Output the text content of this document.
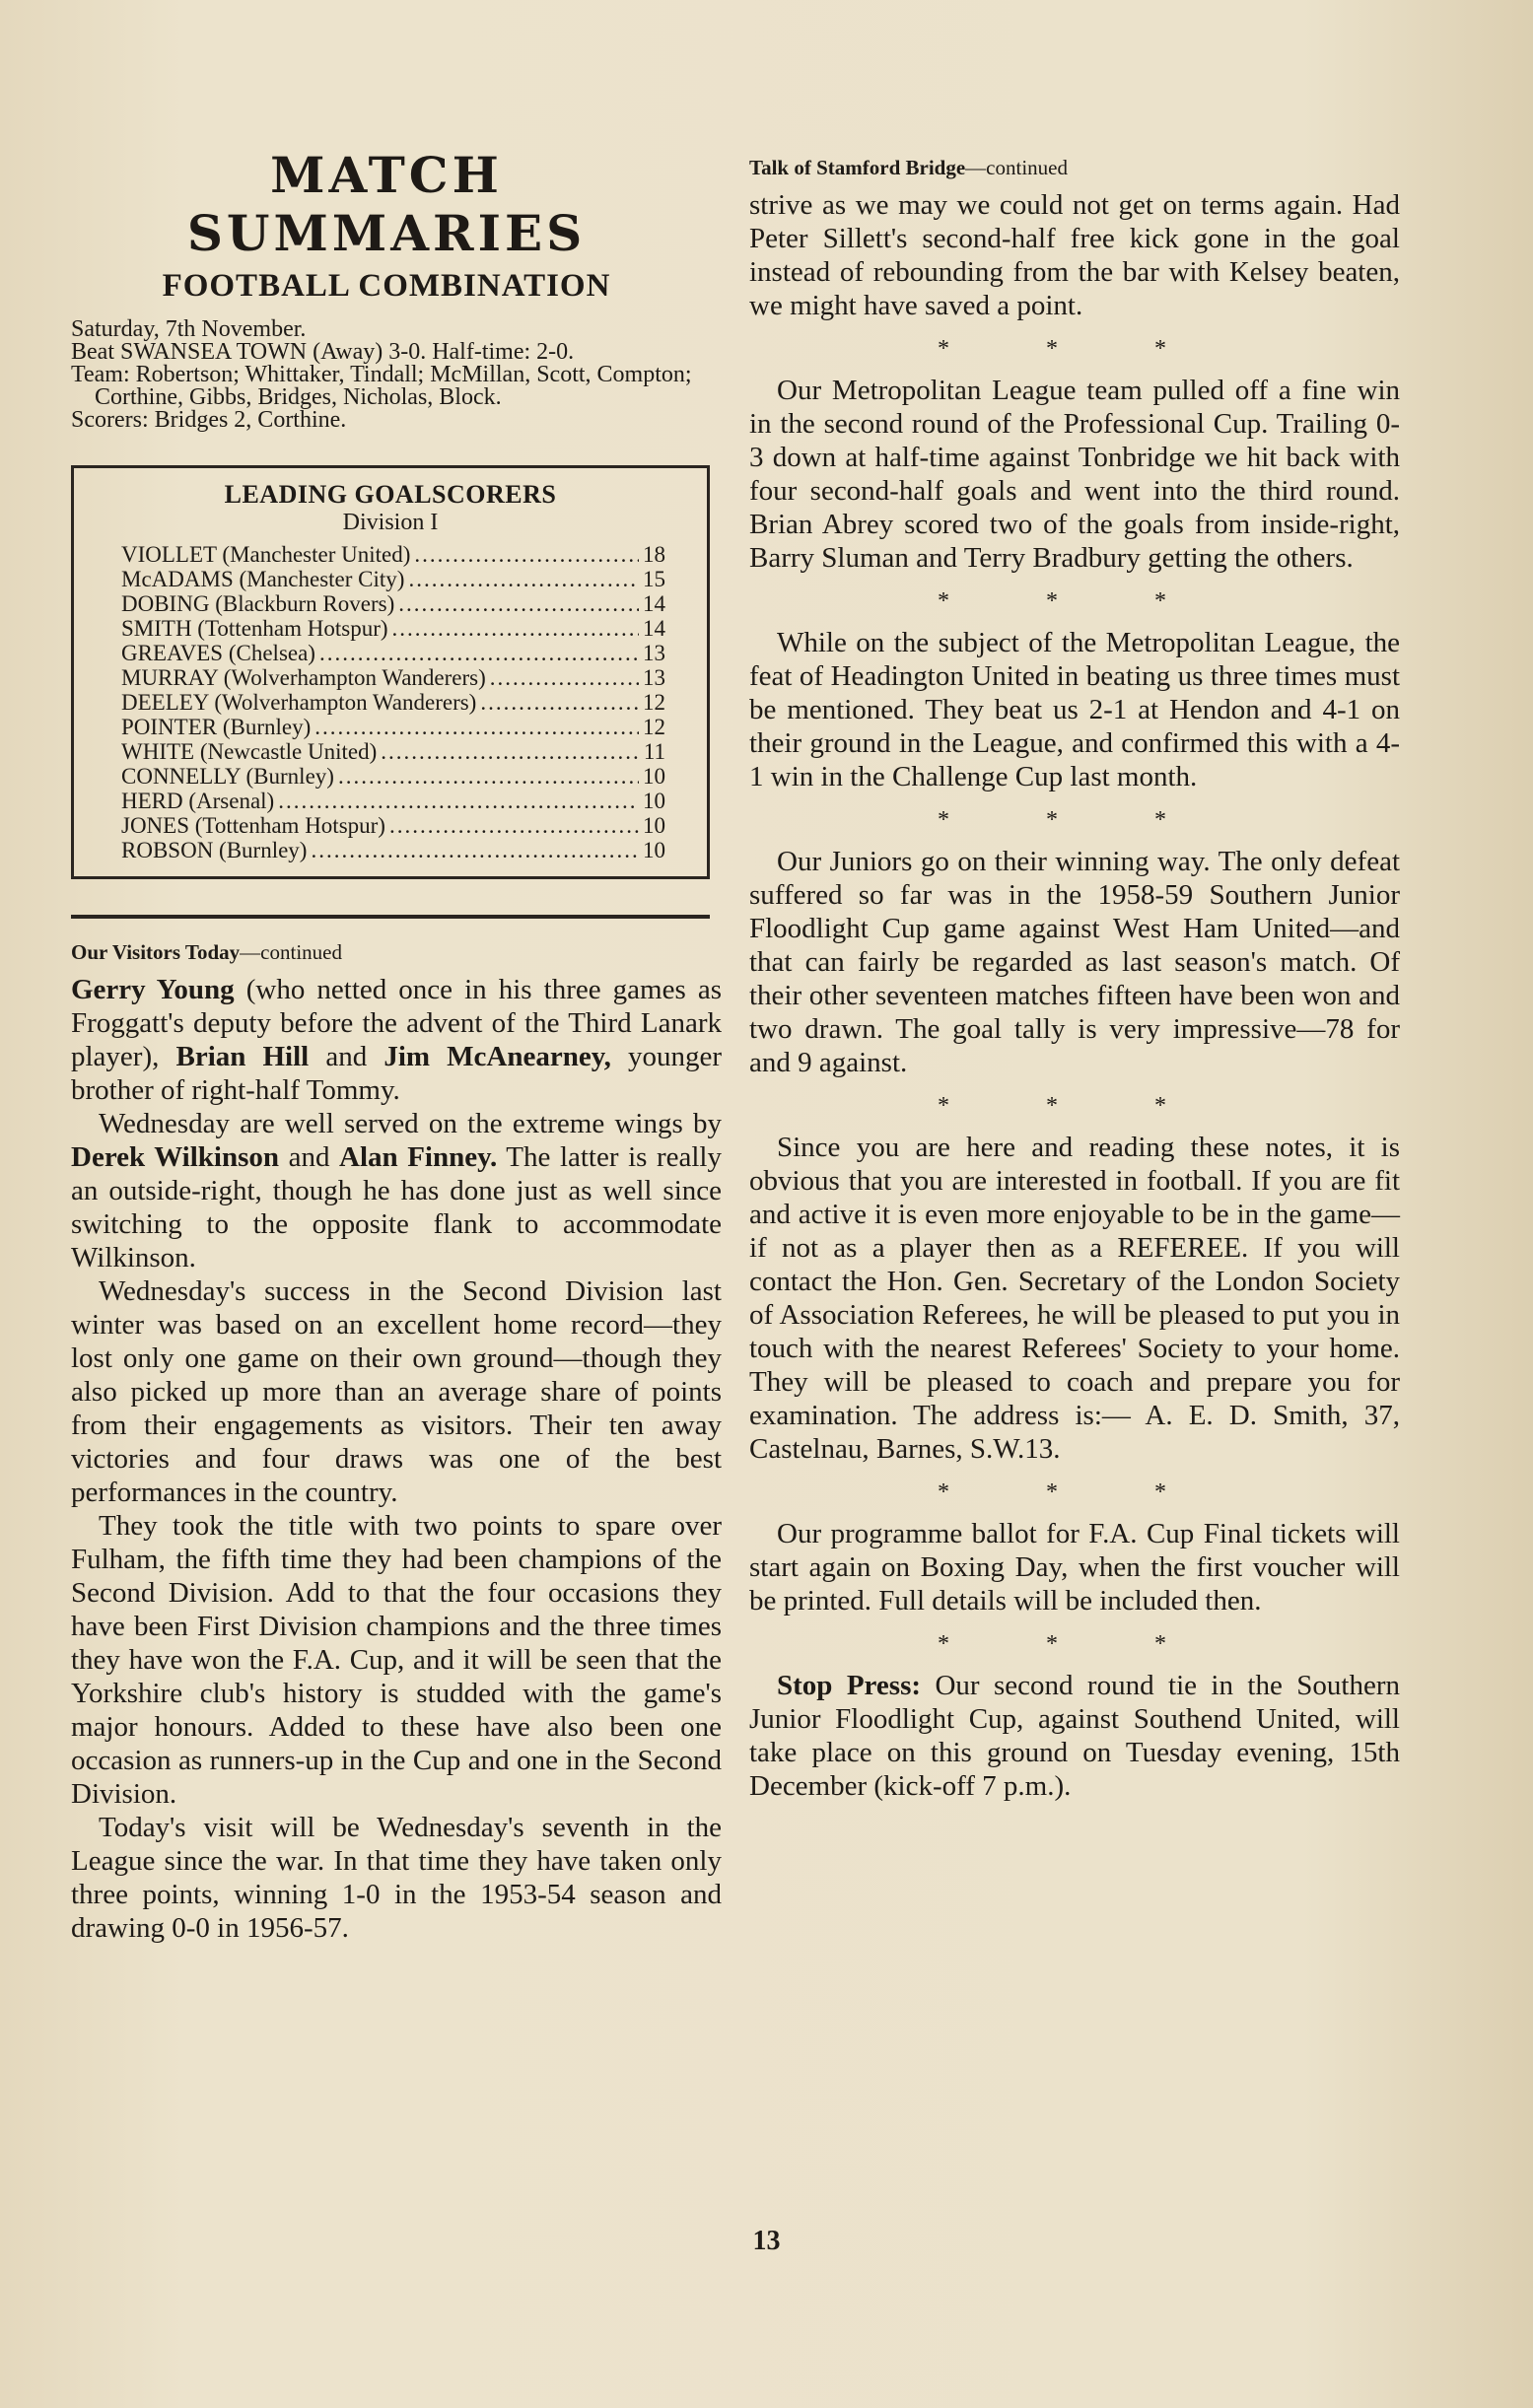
MATCH SUMMARIES
FOOTBALL COMBINATION

Saturday, 7th November.

Beat SWANSEA TOWN (Away) 3-0. Half-time: 2-0.

Team: Robertson; Whittaker, Tindall; McMillan, Scott, Compton; Corthine, Gibbs, Bridges, Nicholas, Block.

Scorers: Bridges 2, Corthine.

LEADING GOALSCORERS
Division I
VIOLLET (Manchester United) .....	18
McADAMS (Manchester City) .....	15
DOBING (Blackburn Rovers) .....	14
SMITH (Tottenham Hotspur) .....	14
GREAVES (Chelsea) .....	13
MURRAY (Wolverhampton Wanderers) .....	13
DEELEY (Wolverhampton Wanderers) .....	12
POINTER (Burnley) .....	12
WHITE (Newcastle United) .....	11
CONNELLY (Burnley) .....	10
HERD (Arsenal) .....	10
JONES (Tottenham Hotspur) .....	10
ROBSON (Burnley) .....	10
Our Visitors Today—continued

Gerry Young (who netted once in his three games as Froggatt's deputy before the advent of the Third Lanark player), Brian Hill and Jim McAnearney, younger brother of right-half Tommy.

Wednesday are well served on the extreme wings by Derek Wilkinson and Alan Finney. The latter is really an outside-right, though he has done just as well since switching to the opposite flank to accommodate Wilkinson.

Wednesday's success in the Second Division last winter was based on an excellent home record—they lost only one game on their own ground—though they also picked up more than an average share of points from their engagements as visitors. Their ten away victories and four draws was one of the best performances in the country.

They took the title with two points to spare over Fulham, the fifth time they had been champions of the Second Division. Add to that the four occasions they have been First Division champions and the three times they have won the F.A. Cup, and it will be seen that the Yorkshire club's history is studded with the game's major honours. Added to these have also been one occasion as runners-up in the Cup and one in the Second Division.

Today's visit will be Wednesday's seventh in the League since the war. In that time they have taken only three points, winning 1-0 in the 1953-54 season and drawing 0-0 in 1956-57.

Talk of Stamford Bridge—continued

strive as we may we could not get on terms again. Had Peter Sillett's second-half free kick gone in the goal instead of rebounding from the bar with Kelsey beaten, we might have saved a point.

* * *

Our Metropolitan League team pulled off a fine win in the second round of the Professional Cup. Trailing 0-3 down at half-time against Tonbridge we hit back with four second-half goals and went into the third round. Brian Abrey scored two of the goals from inside-right, Barry Sluman and Terry Bradbury getting the others.

* * *

While on the subject of the Metropolitan League, the feat of Headington United in beating us three times must be mentioned. They beat us 2-1 at Hendon and 4-1 on their ground in the League, and confirmed this with a 4-1 win in the Challenge Cup last month.

* * *

Our Juniors go on their winning way. The only defeat suffered so far was in the 1958-59 Southern Junior Floodlight Cup game against West Ham United—and that can fairly be regarded as last season's match. Of their other seventeen matches fifteen have been won and two drawn. The goal tally is very impressive—78 for and 9 against.

* * *

Since you are here and reading these notes, it is obvious that you are interested in football. If you are fit and active it is even more enjoyable to be in the game—if not as a player then as a REFEREE. If you will contact the Hon. Gen. Secretary of the London Society of Association Referees, he will be pleased to put you in touch with the nearest Referees' Society to your home. They will be pleased to coach and prepare you for examination. The address is:— A. E. D. Smith, 37, Castelnau, Barnes, S.W.13.

* * *

Our programme ballot for F.A. Cup Final tickets will start again on Boxing Day, when the first voucher will be printed. Full details will be included then.

* * *

Stop Press: Our second round tie in the Southern Junior Floodlight Cup, against Southend United, will take place on this ground on Tuesday evening, 15th December (kick-off 7 p.m.).

13
